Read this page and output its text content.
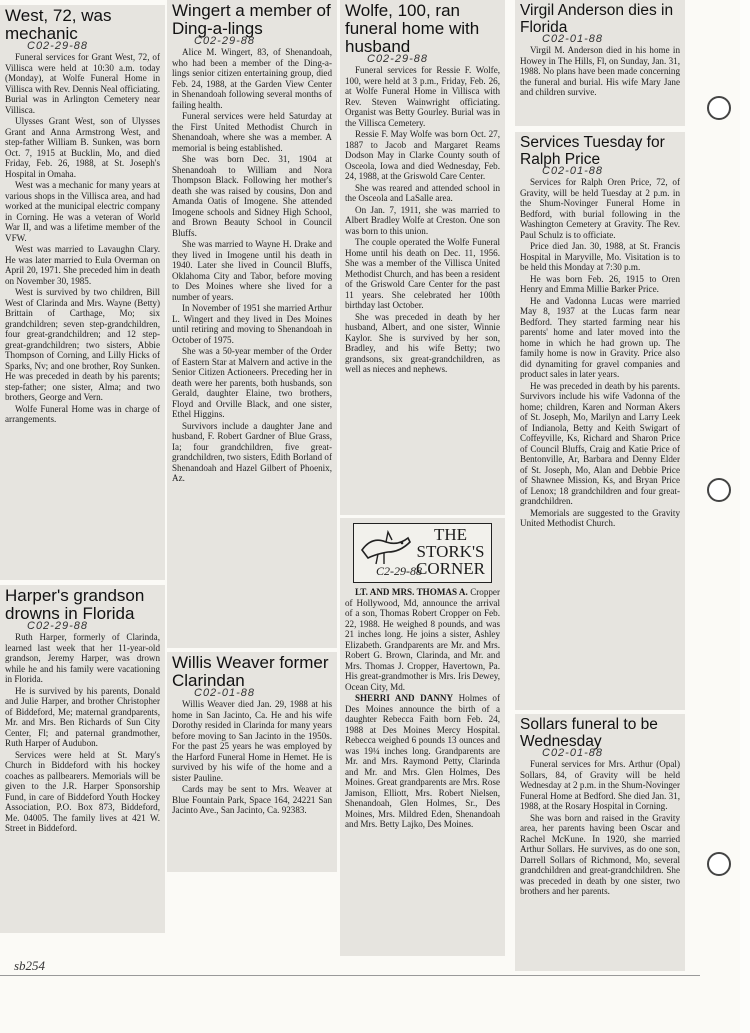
West, 72, was mechanic
C02-29-88

Funeral services for Grant West, 72, of Villisca were held at 10:30 a.m. today (Monday), at Wolfe Funeral Home in Villisca with Rev. Dennis Neal officiating. Burial was in Arlington Cemetery near Villisca.

Ulysses Grant West, son of Ulysses Grant and Anna Armstrong West, and step-father William B. Sunken, was born Oct. 7, 1915 at Bucklin, Mo, and died Friday, Feb. 26, 1988, at St. Joseph's Hospital in Omaha.

West was a mechanic for many years at various shops in the Villisca area, and had worked at the municipal electric company in Corning. He was a veteran of World War II, and was a lifetime member of the VFW.

West was married to Lavaughn Clary. He was later married to Eula Overman on April 20, 1971. She preceded him in death on November 30, 1985.

West is survived by two children, Bill West of Clarinda and Mrs. Wayne (Betty) Brittain of Carthage, Mo; six grandchildren; seven step-grandchildren, four great-grandchildren; and 12 step-great-grandchildren; two sisters, Abbie Thompson of Corning, and Lilly Hicks of Sparks, Nv; and one brother, Roy Sunken. He was preceded in death by his parents; step-father; one sister, Alma; and two brothers, George and Vern.

Wolfe Funeral Home was in charge of arrangements.

Harper's grandson drowns in Florida
C02-29-88

Ruth Harper, formerly of Clarinda, learned last week that her 11-year-old grandson, Jeremy Harper, was drown while he and his family were vacationing in Florida.

He is survived by his parents, Donald and Julie Harper, and brother Christopher of Biddeford, Me; maternal grandparents, Mr. and Mrs. Ben Richards of Sun City Center, Fl; and paternal grandmother, Ruth Harper of Audubon.

Services were held at St. Mary's Church in Biddeford with his hockey coaches as pallbearers. Memorials will be given to the J.R. Harper Sponsorship Fund, in care of Biddeford Youth Hockey Association, P.O. Box 873, Biddeford, Me. 04005. The family lives at 421 W. Street in Biddeford.

Wingert a member of Ding-a-lings
C02-29-88

Alice M. Wingert, 83, of Shenandoah, who had been a member of the Ding-a-lings senior citizen entertaining group, died Feb. 24, 1988, at the Garden View Center in Shenandoah following several months of failing health.

Funeral services were held Saturday at the First United Methodist Church in Shenandoah, where she was a member. A memorial is being established.

She was born Dec. 31, 1904 at Shenandoah to William and Nora Thompson Black. Following her mother's death she was raised by cousins, Don and Amanda Oatis of Imogene. She attended Imogene schools and Sidney High School, and Brown Beauty School in Council Bluffs.

She was married to Wayne H. Drake and they lived in Imogene until his death in 1940. Later she lived in Council Bluffs, Oklahoma City and Tabor, before moving to Des Moines where she lived for a number of years.

In November of 1951 she married Arthur L. Wingert and they lived in Des Moines until retiring and moving to Shenandoah in October of 1975.

She was a 50-year member of the Order of Eastern Star at Malvern and active in the Senior Citizen Actioneers. Preceding her in death were her parents, both husbands, son Gerald, daughter Elaine, two brothers, Floyd and Orville Black, and one sister, Ethel Higgins.

Survivors include a daughter Jane and husband, F. Robert Gardner of Blue Grass, Ia; four grandchildren, five great-grandchildren, two sisters, Edith Borland of Shenandoah and Hazel Gilbert of Phoenix, Az.

Willis Weaver former Clarindan
C02-01-88

Willis Weaver died Jan. 29, 1988 at his home in San Jacinto, Ca. He and his wife Dorothy resided in Clarinda for many years before moving to San Jacinto in the 1950s. For the past 25 years he was employed by the Harford Funeral Home in Hemet. He is survived by his wife of the home and a sister Pauline.

Cards may be sent to Mrs. Weaver at Blue Fountain Park, Space 164, 24221 San Jacinto Ave., San Jacinto, Ca. 92383.

Wolfe, 100, ran funeral home with husband
C02-29-88

Funeral services for Ressie F. Wolfe, 100, were held at 3 p.m., Friday, Feb. 26, at Wolfe Funeral Home in Villisca with Rev. Steven Wainwright officiating. Organist was Betty Gourley. Burial was in the Villisca Cemetery.

Ressie F. May Wolfe was born Oct. 27, 1887 to Jacob and Margaret Reams Dodson May in Clarke County south of Osceola, Iowa and died Wednesday, Feb. 24, 1988, at the Griswold Care Center.

She was reared and attended school in the Osceola and LaSalle area.

On Jan. 7, 1911, she was married to Albert Bradley Wolfe at Creston. One son was born to this union.

The couple operated the Wolfe Funeral Home until his death on Dec. 11, 1956. She was a member of the Villisca United Methodist Church, and has been a resident of the Griswold Care Center for the past 11 years. She celebrated her 100th birthday last October.

She was preceded in death by her husband, Albert, and one sister, Winnie Kaylor. She is survived by her son, Bradley, and his wife Betty; two grandsons, six great-grandchildren, as well as nieces and nephews.

THE
STORK'S
CORNER
C2-29-88

LT. AND MRS. THOMAS A. Cropper of Hollywood, Md, announce the arrival of a son, Thomas Robert Cropper on Feb. 22, 1988. He weighed 8 pounds, and was 21 inches long. He joins a sister, Ashley Elizabeth. Grandparents are Mr. and Mrs. Robert G. Brown, Clarinda, and Mr. and Mrs. Thomas J. Cropper, Havertown, Pa. His great-grandmother is Mrs. Iris Dewey, Ocean City, Md.

SHERRI AND DANNY Holmes of Des Moines announce the birth of a daughter Rebecca Faith born Feb. 24, 1988 at Des Moines Mercy Hospital. Rebecca weighed 6 pounds 13 ounces and was 19¼ inches long. Grandparents are Mr. and Mrs. Raymond Petty, Clarinda and Mr. and Mrs. Glen Holmes, Des Moines. Great grandparents are Mrs. Rose Jamison, Elliott, Mrs. Robert Nielsen, Shenandoah, Glen Holmes, Sr., Des Moines, Mrs. Mildred Eden, Shenandoah and Mrs. Betty Lajko, Des Moines.

Virgil Anderson dies in Florida
C02-01-88

Virgil M. Anderson died in his home in Howey in The Hills, Fl, on Sunday, Jan. 31, 1988. No plans have been made concerning the funeral and burial. His wife Mary Jane and children survive.

Services Tuesday for Ralph Price
C02-01-88

Services for Ralph Oren Price, 72, of Gravity, will be held Tuesday at 2 p.m. in the Shum-Novinger Funeral Home in Bedford, with burial following in the Washington Cemetery at Gravity. The Rev. Paul Schulz is to officiate.

Price died Jan. 30, 1988, at St. Francis Hospital in Maryville, Mo. Visitation is to be held this Monday at 7:30 p.m.

He was born Feb. 26, 1915 to Oren Henry and Emma Millie Barker Price.

He and Vadonna Lucas were married May 8, 1937 at the Lucas farm near Bedford. They started farming near his parents' home and later moved into the home in which he had grown up. The family home is now in Gravity. Price also did dynamiting for gravel companies and product sales in later years.

He was preceded in death by his parents. Survivors include his wife Vadonna of the home; children, Karen and Norman Akers of St. Joseph, Mo, Marilyn and Larry Leek of Indianola, Betty and Keith Swigart of Coffeyville, Ks, Richard and Sharon Price of Council Bluffs, Craig and Katie Price of Bentonville, Ar, Barbara and Denny Elder of St. Joseph, Mo, Alan and Debbie Price of Shawnee Mission, Ks, and Bryan Price of Lenox; 18 grandchildren and four great-grandchildren.

Memorials are suggested to the Gravity United Methodist Church.

Sollars funeral to be Wednesday
C02-01-88

Funeral services for Mrs. Arthur (Opal) Sollars, 84, of Gravity will be held Wednesday at 2 p.m. in the Shum-Novinger Funeral Home at Bedford. She died Jan. 31, 1988, at the Rosary Hospital in Corning.

She was born and raised in the Gravity area, her parents having been Oscar and Rachel McKune. In 1920, she married Arthur Sollars. He survives, as do one son, Darrell Sollars of Richmond, Mo, several grandchildren and great-grandchildren. She was preceded in death by one sister, two brothers and her parents.

sb254
